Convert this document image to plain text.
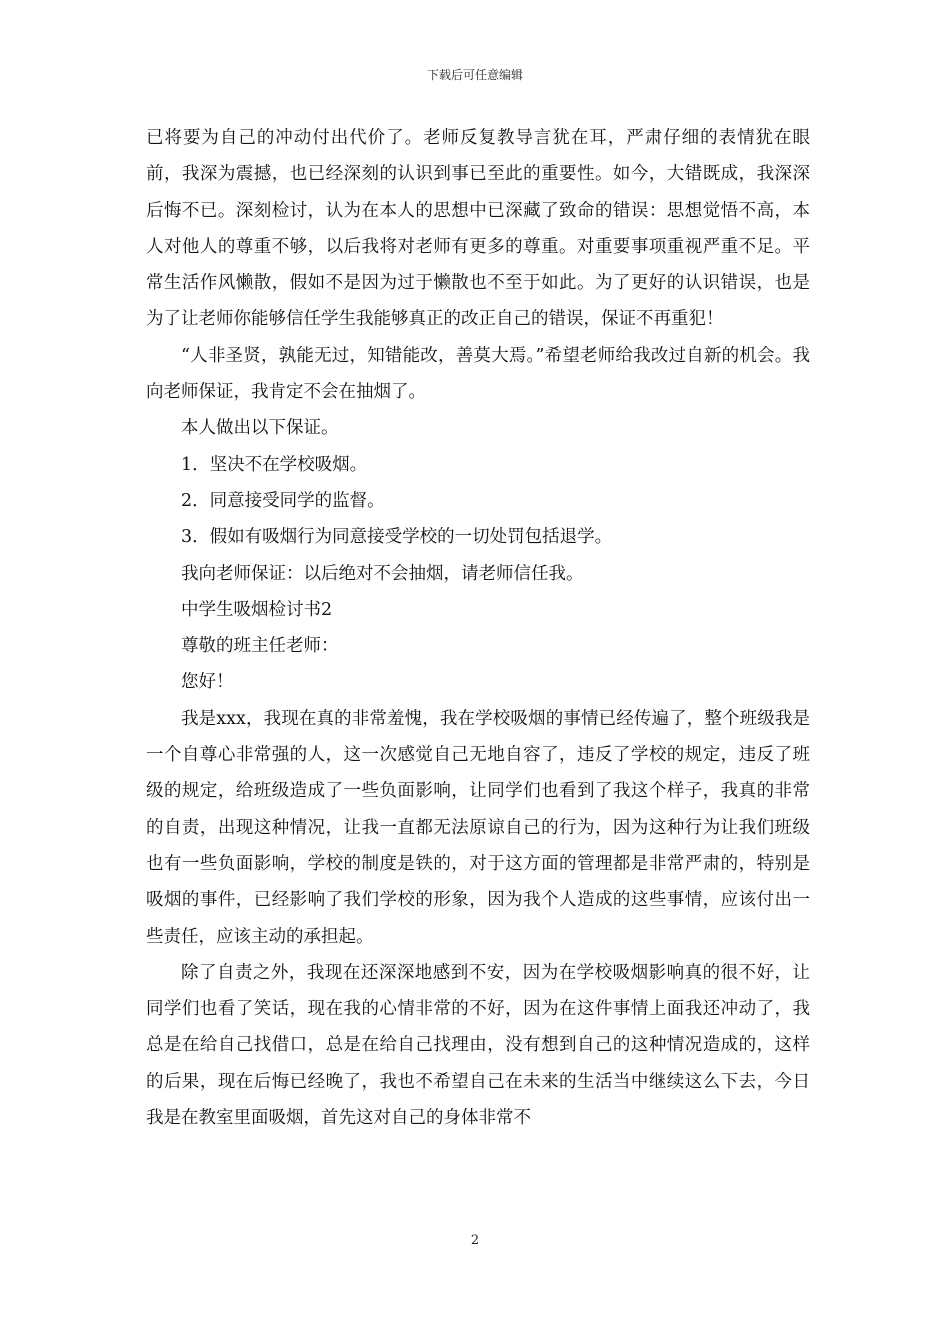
下载后可任意编辑

已将要为自己的冲动付出代价了。老师反复教导言犹在耳，严肃仔细的表情犹在眼前，我深为震撼，也已经深刻的认识到事已至此的重要性。如今，大错既成，我深深后悔不已。深刻检讨，认为在本人的思想中已深藏了致命的错误：思想觉悟不高，本人对他人的尊重不够，以后我将对老师有更多的尊重。对重要事项重视严重不足。平常生活作风懒散，假如不是因为过于懒散也不至于如此。为了更好的认识错误，也是为了让老师你能够信任学生我能够真正的改正自己的错误，保证不再重犯！

“人非圣贤，孰能无过，知错能改，善莫大焉。”希望老师给我改过自新的机会。我向老师保证，我肯定不会在抽烟了。

本人做出以下保证。

1．坚决不在学校吸烟。

2．同意接受同学的监督。

3．假如有吸烟行为同意接受学校的一切处罚包括退学。

我向老师保证：以后绝对不会抽烟，请老师信任我。

中学生吸烟检讨书2

尊敬的班主任老师：

您好！

我是xxx，我现在真的非常羞愧，我在学校吸烟的事情已经传遍了，整个班级我是一个自尊心非常强的人，这一次感觉自己无地自容了，违反了学校的规定，违反了班级的规定，给班级造成了一些负面影响，让同学们也看到了我这个样子，我真的非常的自责，出现这种情况，让我一直都无法原谅自己的行为，因为这种行为让我们班级也有一些负面影响，学校的制度是铁的，对于这方面的管理都是非常严肃的，特别是吸烟的事件，已经影响了我们学校的形象，因为我个人造成的这些事情，应该付出一些责任，应该主动的承担起。

除了自责之外，我现在还深深地感到不安，因为在学校吸烟影响真的很不好，让同学们也看了笑话，现在我的心情非常的不好，因为在这件事情上面我还冲动了，我总是在给自己找借口，总是在给自己找理由，没有想到自己的这种情况造成的，这样的后果，现在后悔已经晚了，我也不希望自己在未来的生活当中继续这么下去，今日我是在教室里面吸烟，首先这对自己的身体非常不

2
